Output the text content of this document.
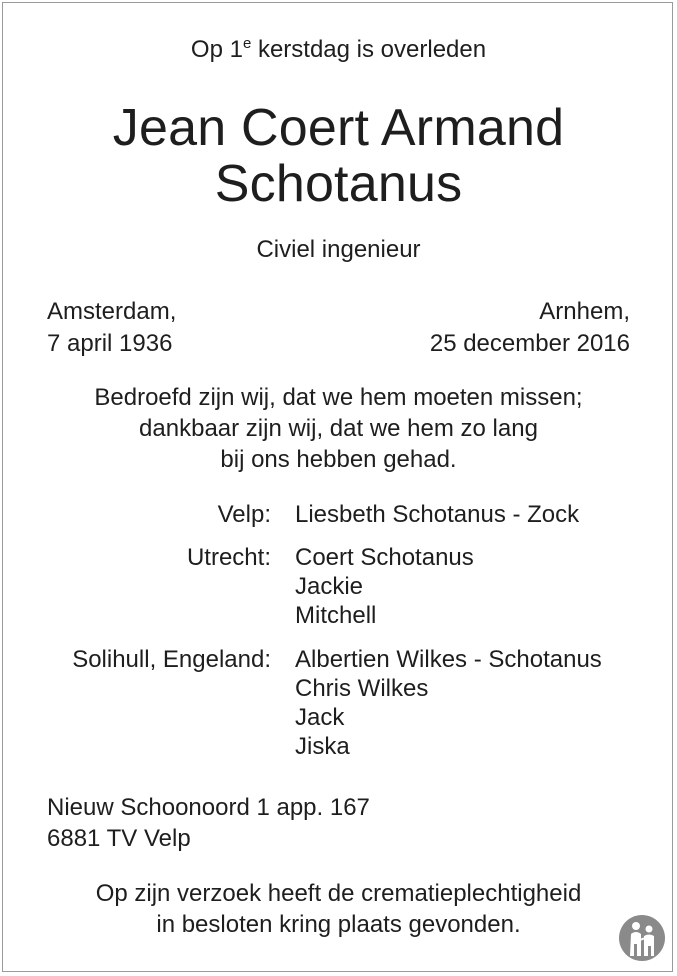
Op 1e kerstdag is overleden
Jean Coert Armand
Schotanus
Civiel ingenieur
Amsterdam,
7 april 1936
Arnhem,
25 december 2016
Bedroefd zijn wij, dat we hem moeten missen;
dankbaar zijn wij, dat we hem zo lang
bij ons hebben gehad.
Velp: Liesbeth Schotanus - Zock
Utrecht: Coert Schotanus
Jackie
Mitchell
Solihull, Engeland: Albertien Wilkes - Schotanus
Chris Wilkes
Jack
Jiska
Nieuw Schoonoord 1 app. 167
6881 TV Velp
Op zijn verzoek heeft de crematieplechtigheid
in besloten kring plaats gevonden.
